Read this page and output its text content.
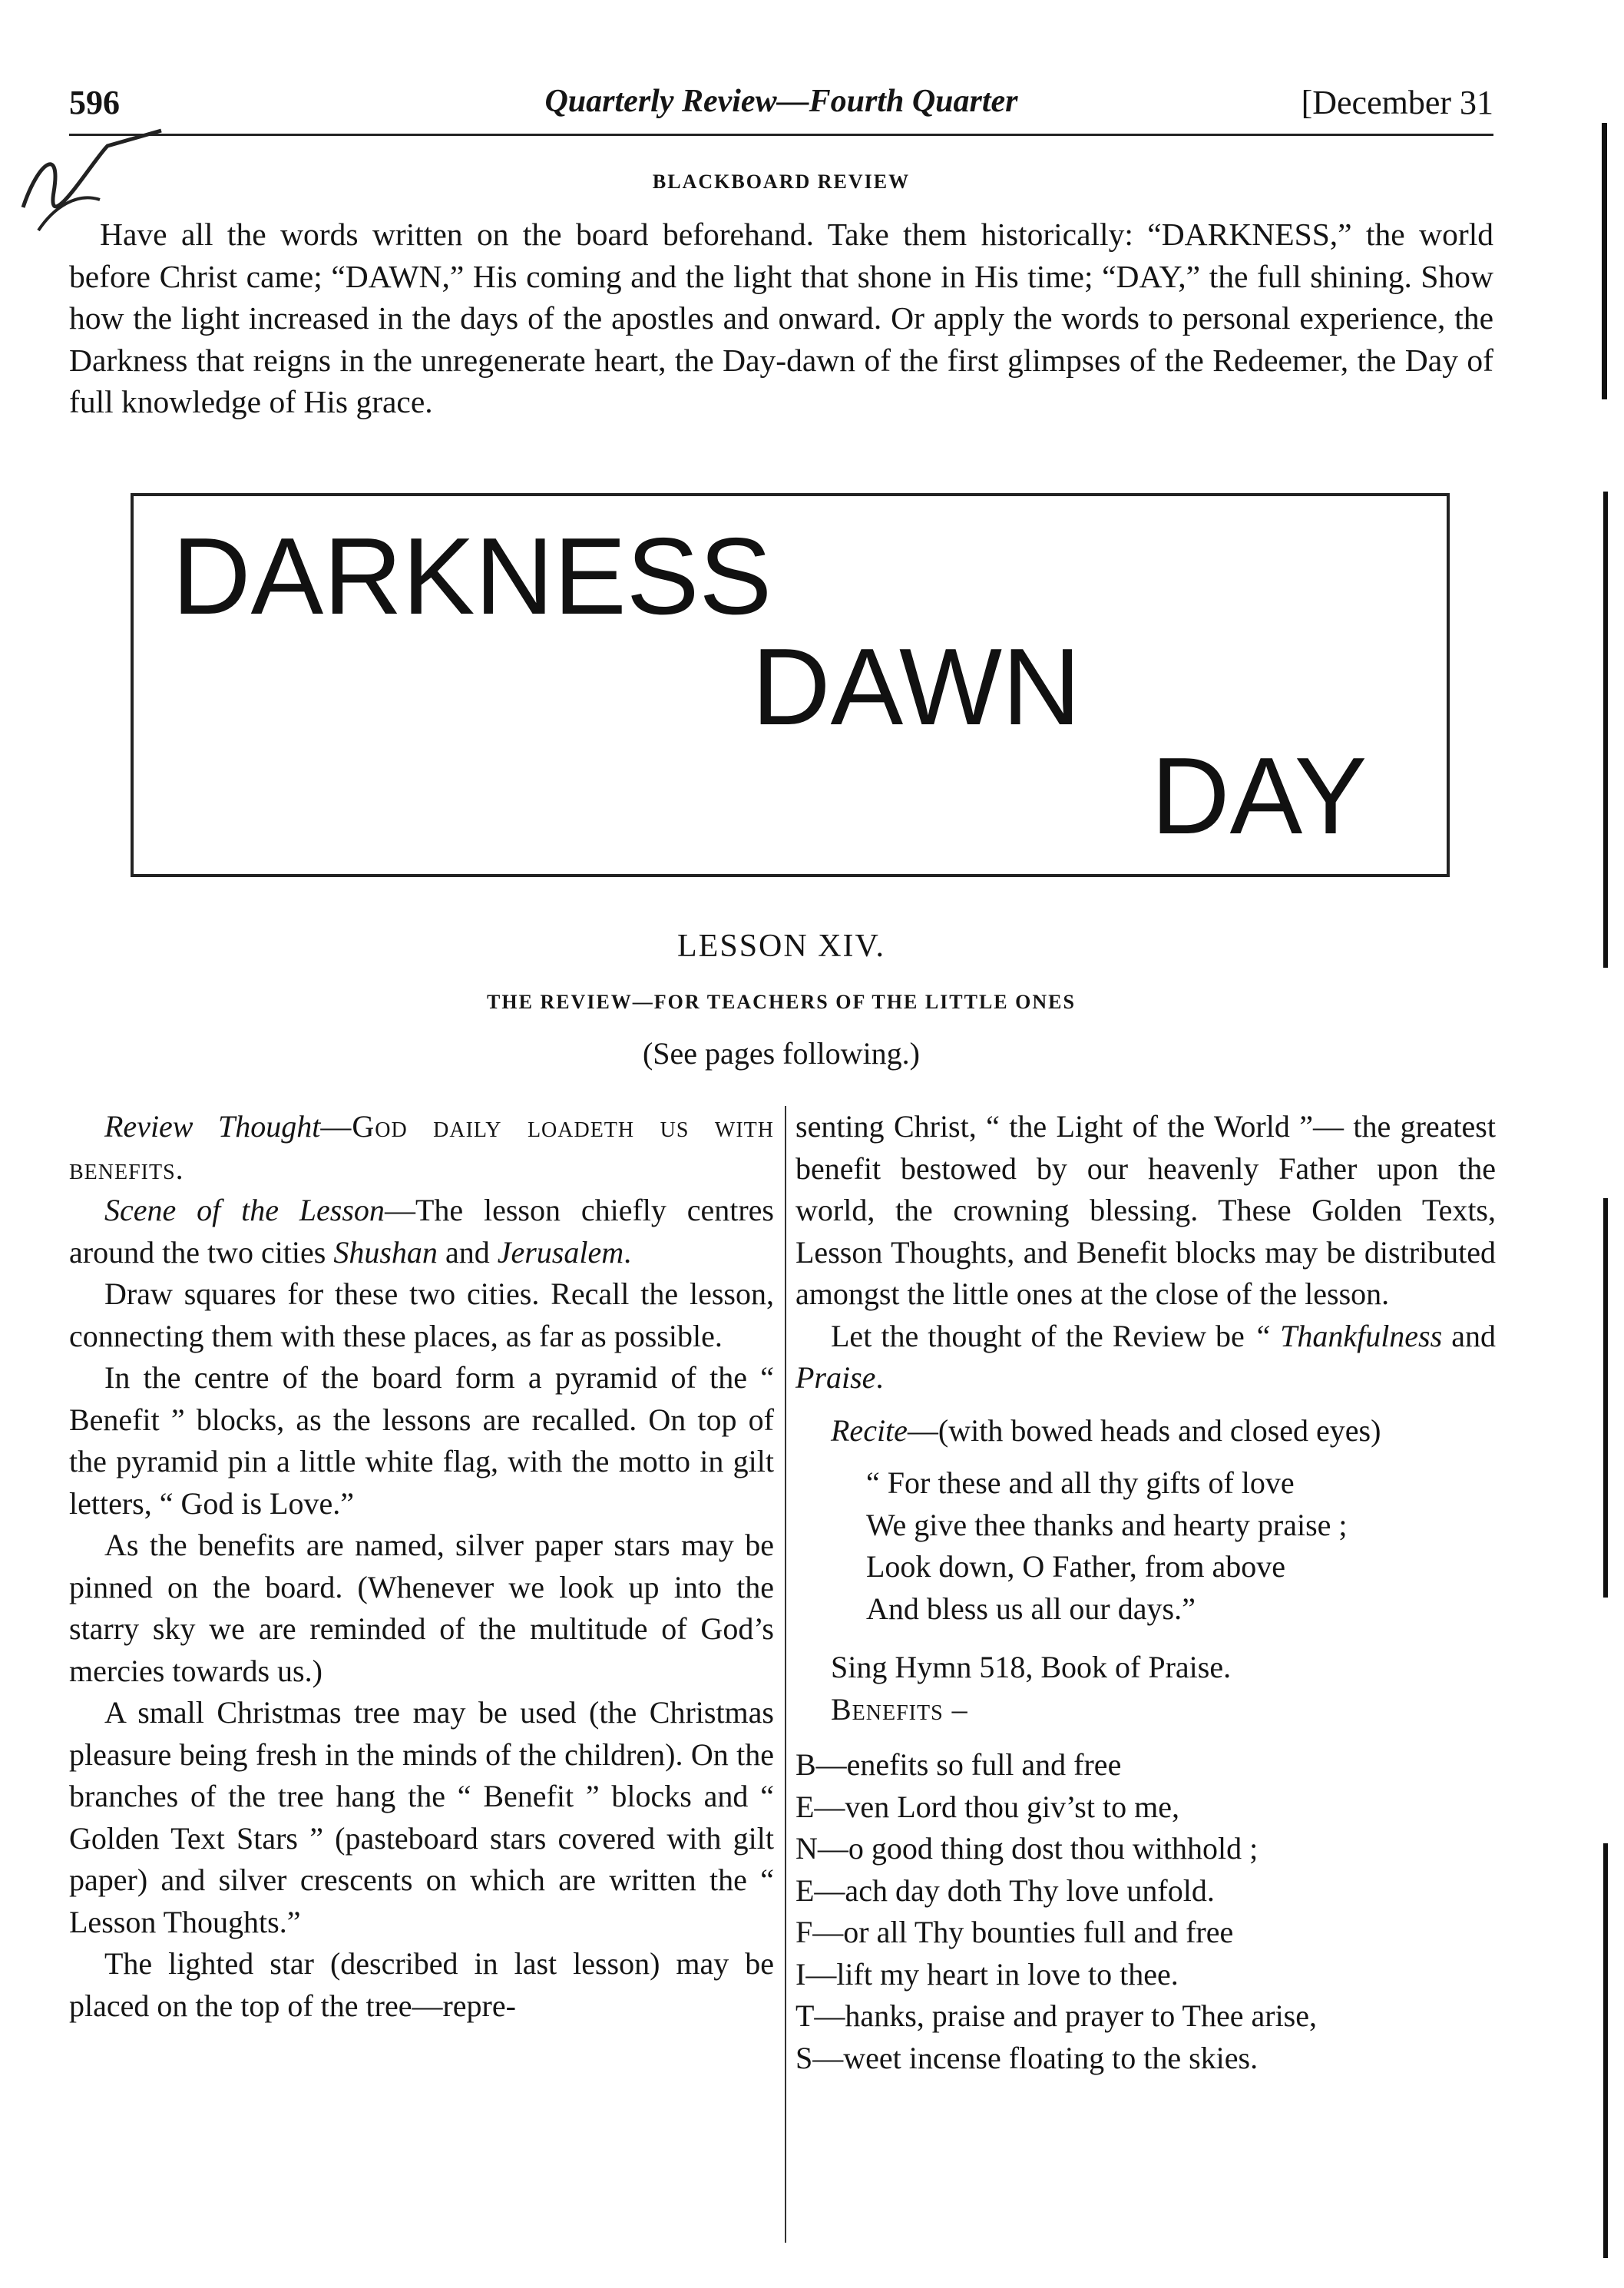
596	Quarterly Review—Fourth Quarter	[December 31
BLACKBOARD REVIEW

Have all the words written on the board beforehand. Take them historically: “DARKNESS,” the world before Christ came; “DAWN,” His coming and the light that shone in His time; “DAY,” the full shining. Show how the light increased in the days of the apostles and onward. Or apply the words to personal experience, the Darkness that reigns in the unregenerate heart, the Day-dawn of the first glimpses of the Redeemer, the Day of full knowledge of His grace.

DARKNESS
DAWN
DAY
LESSON XIV.
THE REVIEW—FOR TEACHERS OF THE LITTLE ONES
(See pages following.)

Review Thought—God daily loadeth us with benefits.

Scene of the Lesson—The lesson chiefly centres around the two cities Shushan and Jerusalem.

Draw squares for these two cities. Recall the lesson, connecting them with these places, as far as possible.

In the centre of the board form a pyramid of the “ Benefit ” blocks, as the lessons are recalled. On top of the pyramid pin a little white flag, with the motto in gilt letters, “ God is Love.”

As the benefits are named, silver paper stars may be pinned on the board. (Whenever we look up into the starry sky we are reminded of the multitude of God’s mercies towards us.)

A small Christmas tree may be used (the Christmas pleasure being fresh in the minds of the children). On the branches of the tree hang the “ Benefit ” blocks and “ Golden Text Stars ” (pasteboard stars covered with gilt paper) and silver crescents on which are written the “ Lesson Thoughts.”

The lighted star (described in last lesson) may be placed on the top of the tree—repre-

senting Christ, “ the Light of the World ”— the greatest benefit bestowed by our heavenly Father upon the world, the crowning blessing. These Golden Texts, Lesson Thoughts, and Benefit blocks may be distributed amongst the little ones at the close of the lesson.

Let the thought of the Review be “ Thankfulness and Praise.

Recite—(with bowed heads and closed eyes)

“ For these and all thy gifts of love
We give thee thanks and hearty praise ;
Look down, O Father, from above
And bless us all our days.”

Sing Hymn 518, Book of Praise.

Benefits –

B—enefits so full and free
E—ven Lord thou giv’st to me,
N—o good thing dost thou withhold ;
E—ach day doth Thy love unfold.
F—or all Thy bounties full and free
I—lift my heart in love to thee.
T—hanks, praise and prayer to Thee arise,
S—weet incense floating to the skies.
